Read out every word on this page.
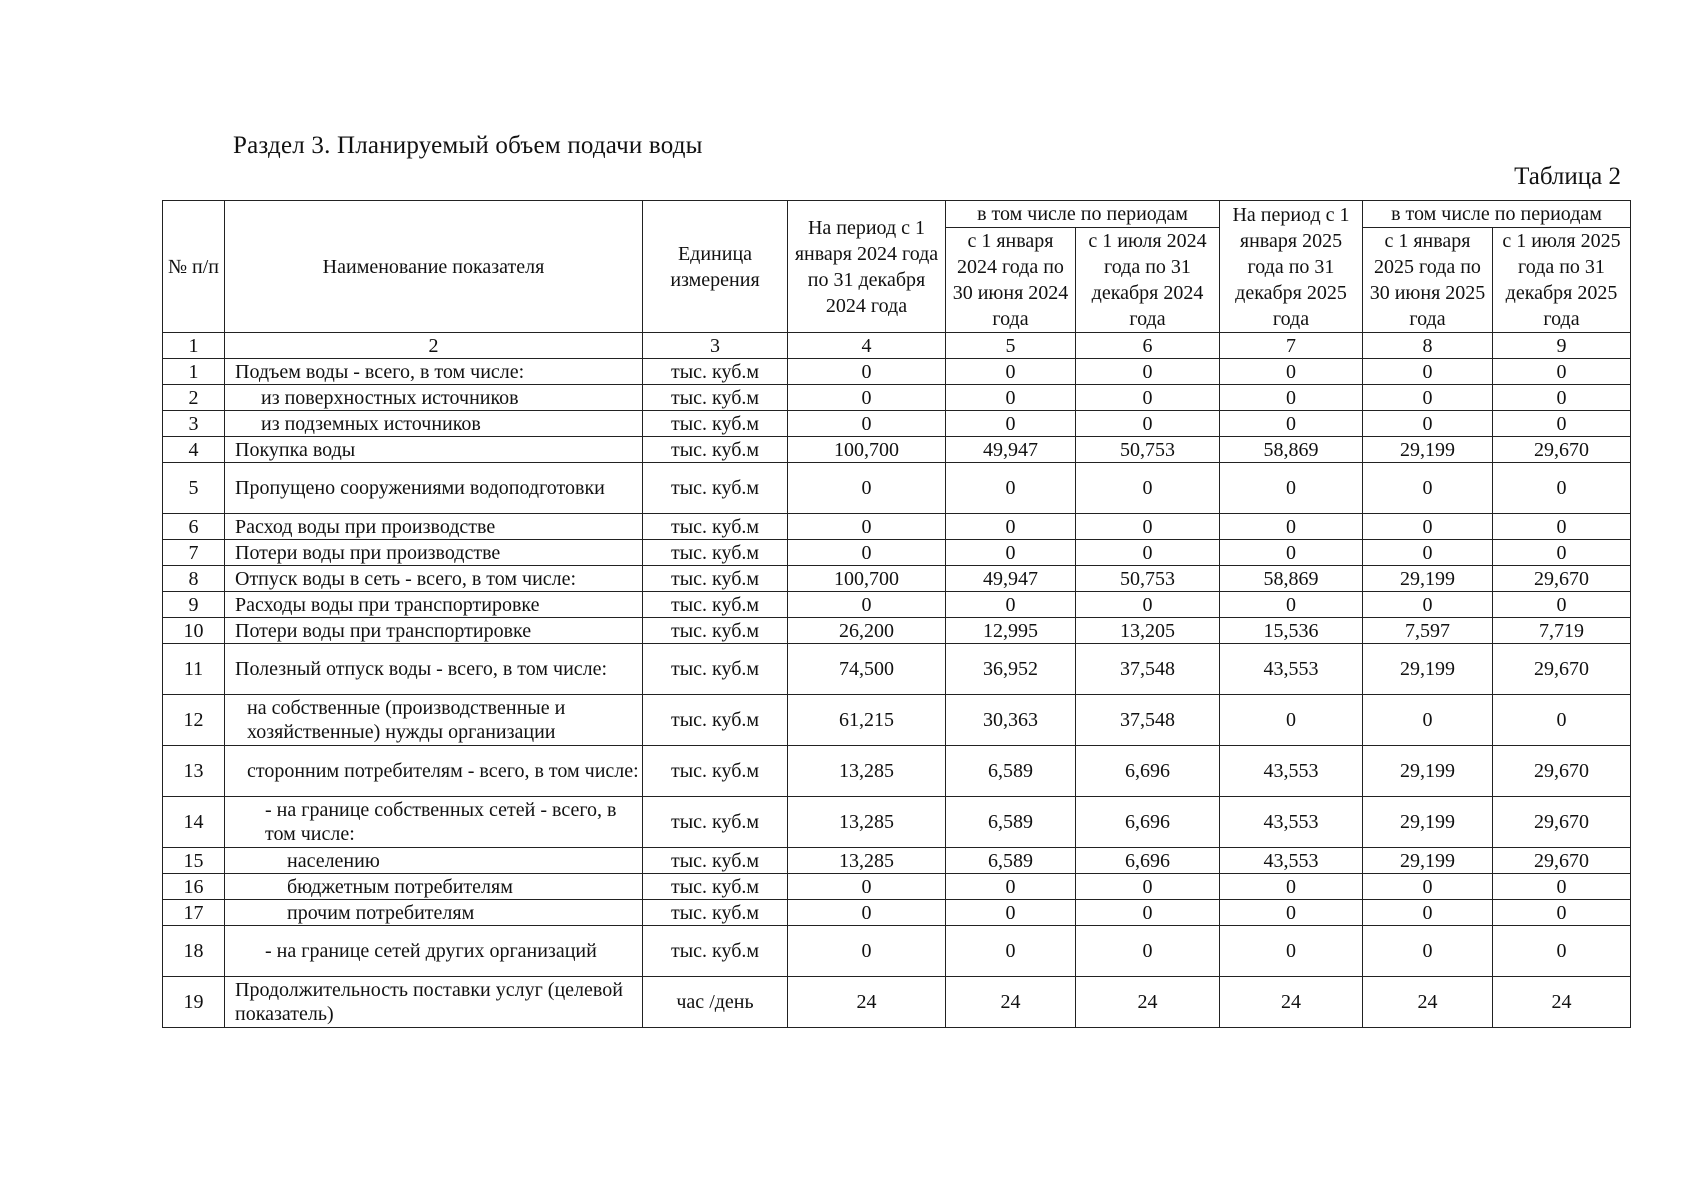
Раздел 3. Планируемый объем подачи воды
Таблица 2
№ п/п	Наименование показателя	Единица измерения	На период с 1 января 2024 года по 31 декабря 2024 года	в том числе по периодам		На период с 1 января 2025 года по 31 декабря 2025 года	в том числе по периодам	
				с 1 января 2024 года по 30 июня 2024 года	с 1 июля 2024 года по 31 декабря 2024 года		с 1 января 2025 года по 30 июня 2025 года	с 1 июля 2025 года по 31 декабря 2025 года
1	2	3	4	5	6	7	8	9
1	Подъем воды - всего, в том числе:	тыс. куб.м	0	0	0	0	0	0
2	из поверхностных источников	тыс. куб.м	0	0	0	0	0	0
3	из подземных источников	тыс. куб.м	0	0	0	0	0	0
4	Покупка воды	тыс. куб.м	100,700	49,947	50,753	58,869	29,199	29,670
5	Пропущено сооружениями водоподготовки	тыс. куб.м	0	0	0	0	0	0
6	Расход воды при производстве	тыс. куб.м	0	0	0	0	0	0
7	Потери воды при производстве	тыс. куб.м	0	0	0	0	0	0
8	Отпуск воды в сеть - всего, в том числе:	тыс. куб.м	100,700	49,947	50,753	58,869	29,199	29,670
9	Расходы воды при транспортировке	тыс. куб.м	0	0	0	0	0	0
10	Потери воды при транспортировке	тыс. куб.м	26,200	12,995	13,205	15,536	7,597	7,719
11	Полезный отпуск воды - всего, в том числе:	тыс. куб.м	74,500	36,952	37,548	43,553	29,199	29,670
12	на собственные (производственные и хозяйственные) нужды организации	тыс. куб.м	61,215	30,363	37,548	0	0	0
13	сторонним потребителям - всего, в том числе:	тыс. куб.м	13,285	6,589	6,696	43,553	29,199	29,670
14	- на границе собственных сетей - всего, в том числе:	тыс. куб.м	13,285	6,589	6,696	43,553	29,199	29,670
15	населению	тыс. куб.м	13,285	6,589	6,696	43,553	29,199	29,670
16	бюджетным потребителям	тыс. куб.м	0	0	0	0	0	0
17	прочим потребителям	тыс. куб.м	0	0	0	0	0	0
18	- на границе сетей других организаций	тыс. куб.м	0	0	0	0	0	0
19	Продолжительность поставки услуг (целевой показатель)	час /день	24	24	24	24	24	24
